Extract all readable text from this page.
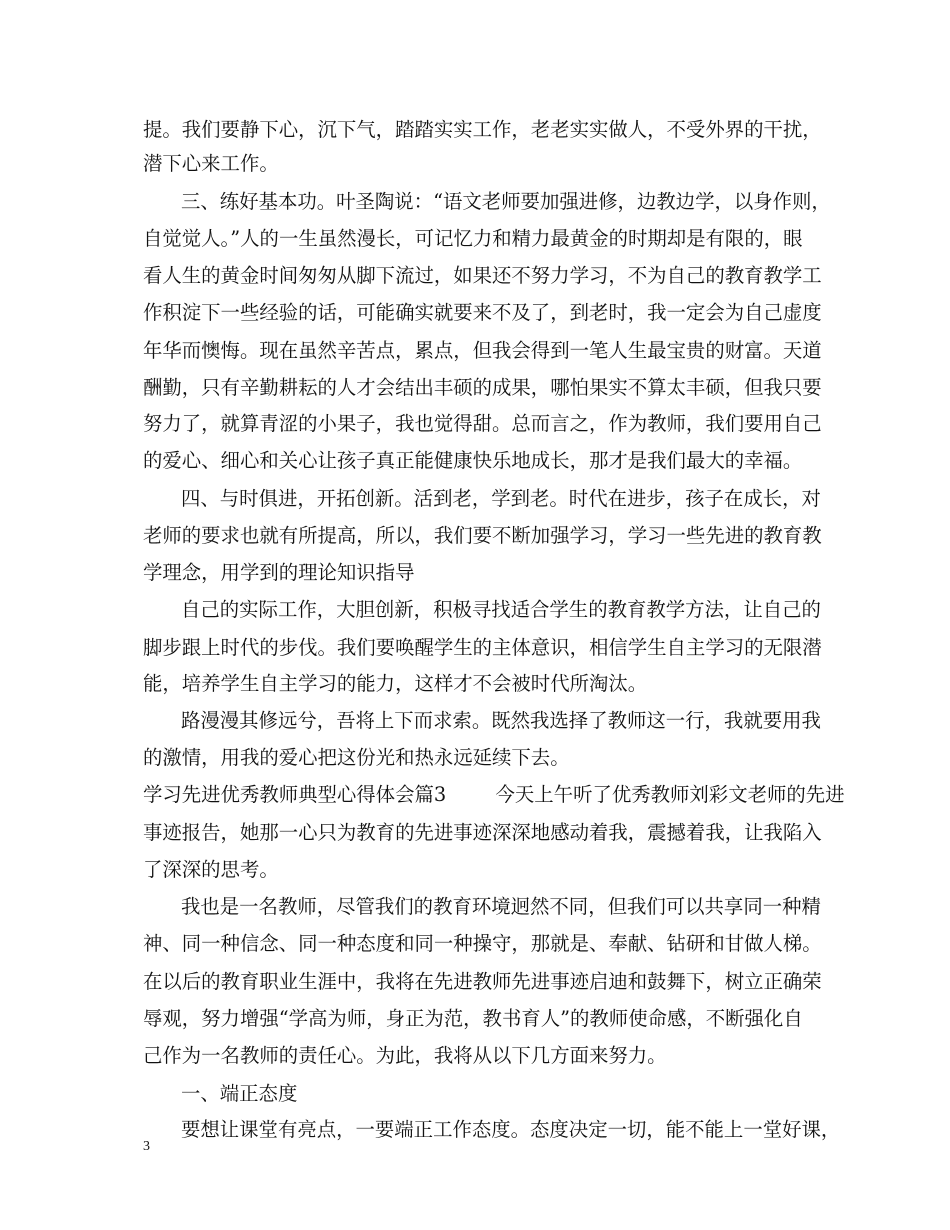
提。我们要静下心，沉下气，踏踏实实工作，老老实实做人，不受外界的干扰，
潜下心来工作。
三、练好基本功。叶圣陶说：“语文老师要加强进修，边教边学，以身作则，
自觉觉人。”人的一生虽然漫长，可记忆力和精力最黄金的时期却是有限的，眼
看人生的黄金时间匆匆从脚下流过，如果还不努力学习，不为自己的教育教学工
作积淀下一些经验的话，可能确实就要来不及了，到老时，我一定会为自己虚度
年华而懊悔。现在虽然辛苦点，累点，但我会得到一笔人生最宝贵的财富。天道
酬勤，只有辛勤耕耘的人才会结出丰硕的成果，哪怕果实不算太丰硕，但我只要
努力了，就算青涩的小果子，我也觉得甜。总而言之，作为教师，我们要用自己
的爱心、细心和关心让孩子真正能健康快乐地成长，那才是我们最大的幸福。
四、与时俱进，开拓创新。活到老，学到老。时代在进步，孩子在成长，对
老师的要求也就有所提高，所以，我们要不断加强学习，学习一些先进的教育教
学理念，用学到的理论知识指导
自己的实际工作，大胆创新，积极寻找适合学生的教育教学方法，让自己的
脚步跟上时代的步伐。我们要唤醒学生的主体意识，相信学生自主学习的无限潜
能，培养学生自主学习的能力，这样才不会被时代所淘汰。
路漫漫其修远兮，吾将上下而求索。既然我选择了教师这一行，我就要用我
的激情，用我的爱心把这份光和热永远延续下去。
学习先进优秀教师典型心得体会篇3        今天上午听了优秀教师刘彩文老师的先进
事迹报告，她那一心只为教育的先进事迹深深地感动着我，震撼着我，让我陷入
了深深的思考。
我也是一名教师，尽管我们的教育环境迥然不同，但我们可以共享同一种精
神、同一种信念、同一种态度和同一种操守，那就是、奉献、钻研和甘做人梯。
在以后的教育职业生涯中，我将在先进教师先进事迹启迪和鼓舞下，树立正确荣
辱观，努力增强“学高为师，身正为范，教书育人”的教师使命感，不断强化自
己作为一名教师的责任心。为此，我将从以下几方面来努力。
一、端正态度
要想让课堂有亮点，一要端正工作态度。态度决定一切，能不能上一堂好课，
3
